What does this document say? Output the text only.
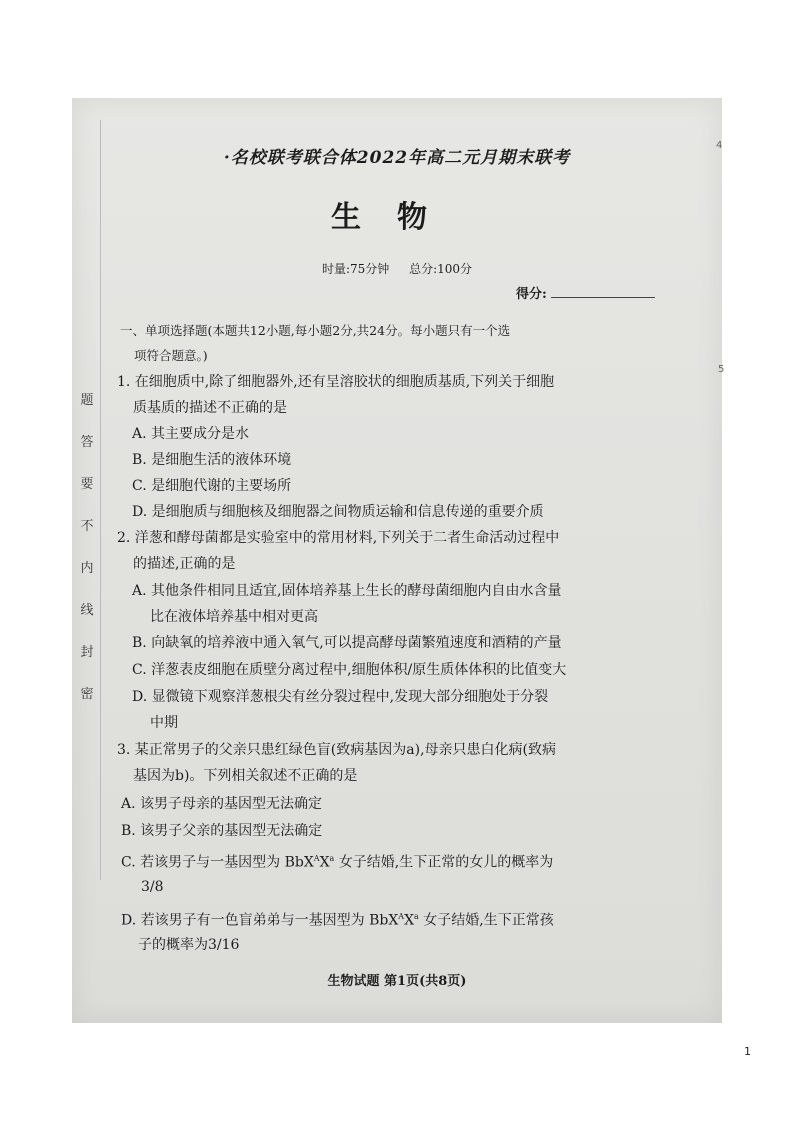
题
答
要
不
内
线
封
密
·名校联考联合体2022年高二元月期末联考
生物
时量:75分钟 总分:100分
得分:
一、单项选择题(本题共12小题,每小题2分,共24分。每小题只有一个选
项符合题意。)
1. 在细胞质中,除了细胞器外,还有呈溶胶状的细胞质基质,下列关于细胞
质基质的描述不正确的是
A. 其主要成分是水
B. 是细胞生活的液体环境
C. 是细胞代谢的主要场所
D. 是细胞质与细胞核及细胞器之间物质运输和信息传递的重要介质
2. 洋葱和酵母菌都是实验室中的常用材料,下列关于二者生命活动过程中
的描述,正确的是
A. 其他条件相同且适宜,固体培养基上生长的酵母菌细胞内自由水含量
比在液体培养基中相对更高
B. 向缺氧的培养液中通入氧气,可以提高酵母菌繁殖速度和酒精的产量
C. 洋葱表皮细胞在质壁分离过程中,细胞体积/原生质体体积的比值变大
D. 显微镜下观察洋葱根尖有丝分裂过程中,发现大部分细胞处于分裂
中期
3. 某正常男子的父亲只患红绿色盲(致病基因为a),母亲只患白化病(致病
基因为b)。下列相关叙述不正确的是
A. 该男子母亲的基因型无法确定
B. 该男子父亲的基因型无法确定
C. 若该男子与一基因型为 $BbX^AX^a$ 女子结婚,生下正常的女儿的概率为
3/8
D. 若该男子有一色盲弟弟与一基因型为 $BbX^AX^a$ 女子结婚,生下正常孩
子的概率为3/16
生物试题 第1页(共8页)
4
5
1
